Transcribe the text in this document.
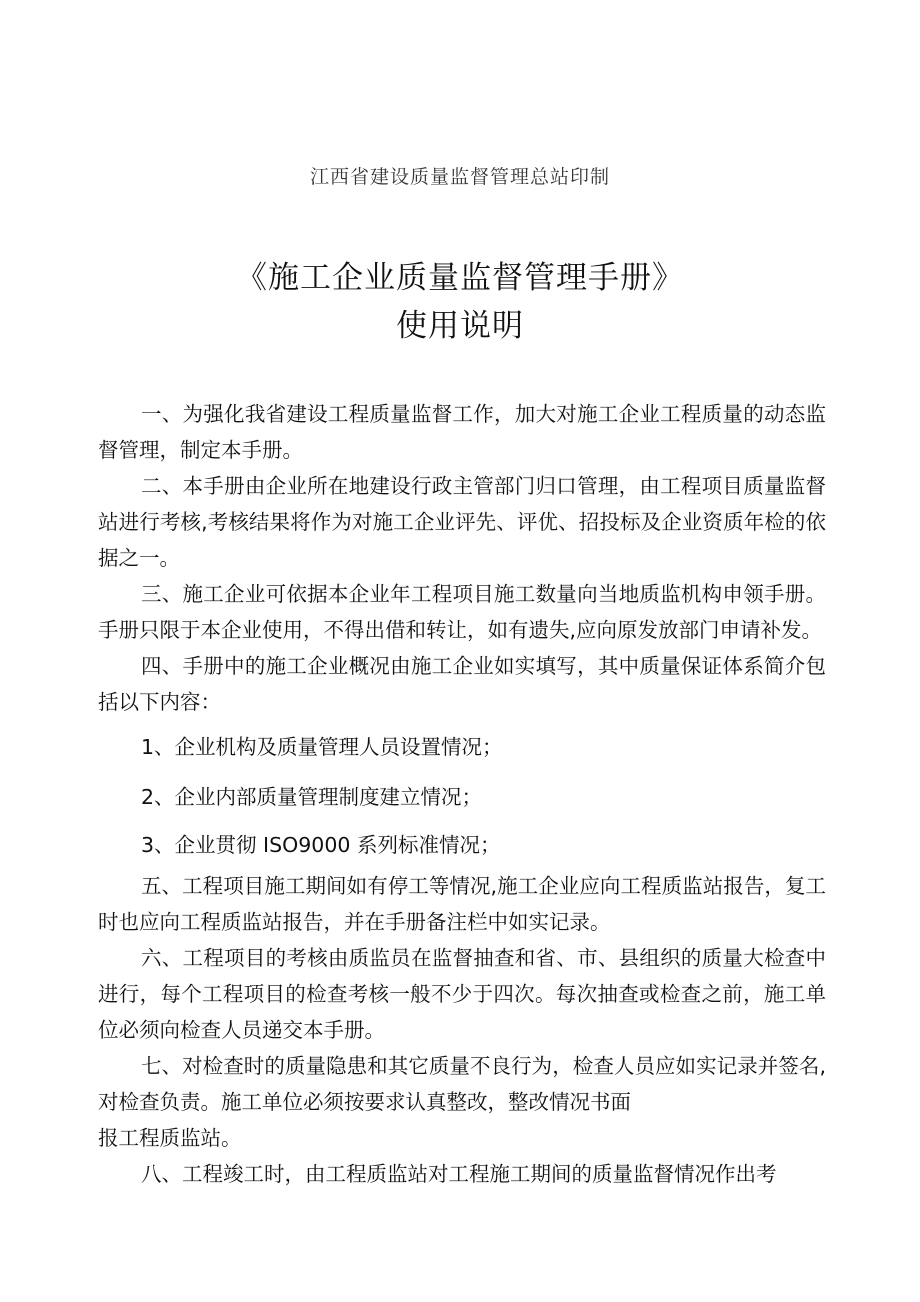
江西省建设质量监督管理总站印制
《施工企业质量监督管理手册》
使用说明

一、为强化我省建设工程质量监督工作，加大对施工企业工程质量的动态监督管理，制定本手册。

二、本手册由企业所在地建设行政主管部门归口管理，由工程项目质量监督站进行考核,考核结果将作为对施工企业评先、评优、招投标及企业资质年检的依据之一。

三、施工企业可依据本企业年工程项目施工数量向当地质监机构申领手册。手册只限于本企业使用，不得出借和转让，如有遗失,应向原发放部门申请补发。

四、手册中的施工企业概况由施工企业如实填写，其中质量保证体系简介包括以下内容：

1、企业机构及质量管理人员设置情况；

2、企业内部质量管理制度建立情况；

3、企业贯彻 ISO9000 系列标准情况；

五、工程项目施工期间如有停工等情况,施工企业应向工程质监站报告，复工时也应向工程质监站报告，并在手册备注栏中如实记录。

六、工程项目的考核由质监员在监督抽查和省、市、县组织的质量大检查中进行，每个工程项目的检查考核一般不少于四次。每次抽查或检查之前，施工单位必须向检查人员递交本手册。

七、对检查时的质量隐患和其它质量不良行为，检查人员应如实记录并签名,对检查负责。施工单位必须按要求认真整改，整改情况书面
报工程质监站。

八、工程竣工时，由工程质监站对工程施工期间的质量监督情况作出考
